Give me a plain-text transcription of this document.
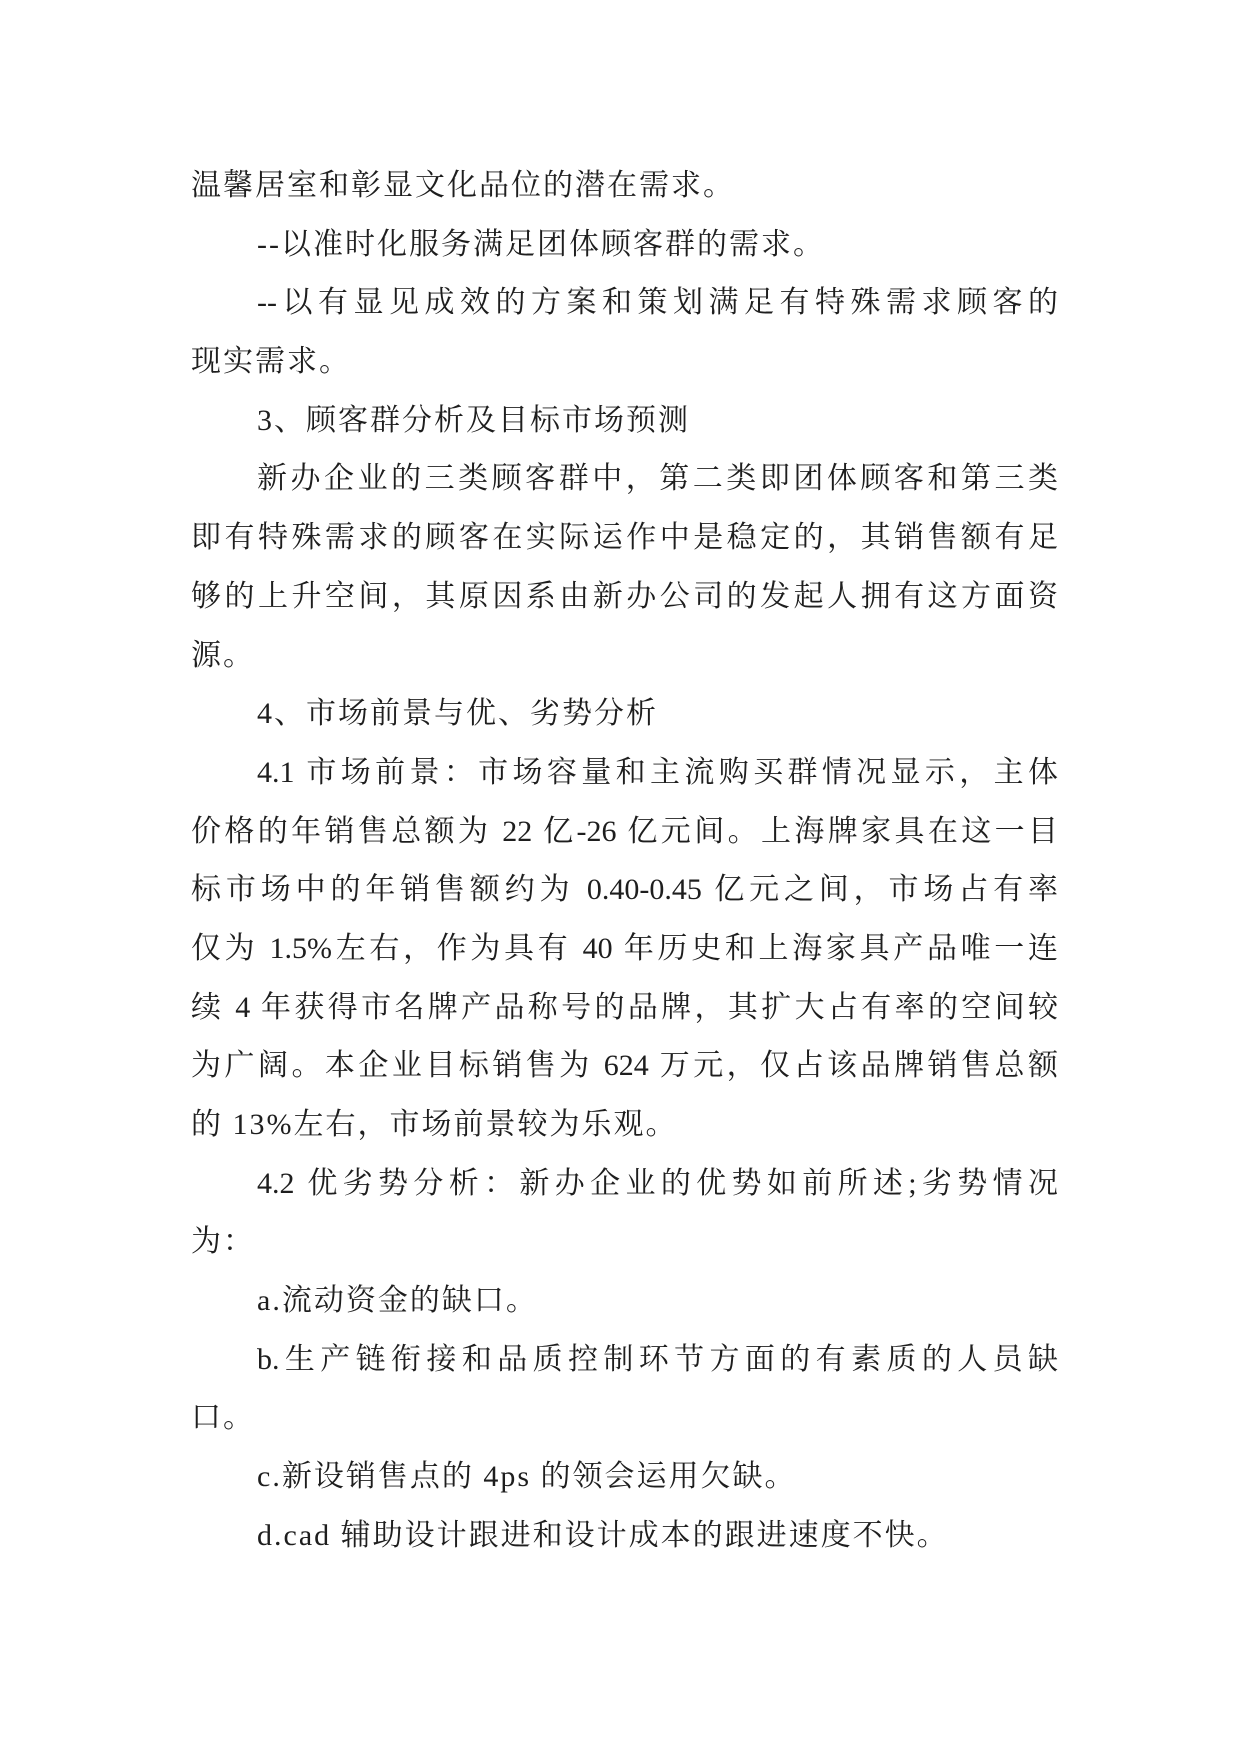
温馨居室和彰显文化品位的潜在需求。
--以准时化服务满足团体顾客群的需求。
--以有显见成效的方案和策划满足有特殊需求顾客的
现实需求。
3、顾客群分析及目标市场预测
新办企业的三类顾客群中，第二类即团体顾客和第三类
即有特殊需求的顾客在实际运作中是稳定的，其销售额有足
够的上升空间，其原因系由新办公司的发起人拥有这方面资
源。
4、市场前景与优、劣势分析
4.1 市场前景：市场容量和主流购买群情况显示，主体
价格的年销售总额为 22 亿-26 亿元间。上海牌家具在这一目
标市场中的年销售额约为 0.40-0.45 亿元之间，市场占有率
仅为 1.5%左右，作为具有 40 年历史和上海家具产品唯一连
续 4 年获得市名牌产品称号的品牌，其扩大占有率的空间较
为广阔。本企业目标销售为 624 万元，仅占该品牌销售总额
的 13%左右，市场前景较为乐观。
4.2 优劣势分析：新办企业的优势如前所述;劣势情况
为：
a.流动资金的缺口。
b.生产链衔接和品质控制环节方面的有素质的人员缺
口。
c.新设销售点的 4ps 的领会运用欠缺。
d.cad 辅助设计跟进和设计成本的跟进速度不快。
